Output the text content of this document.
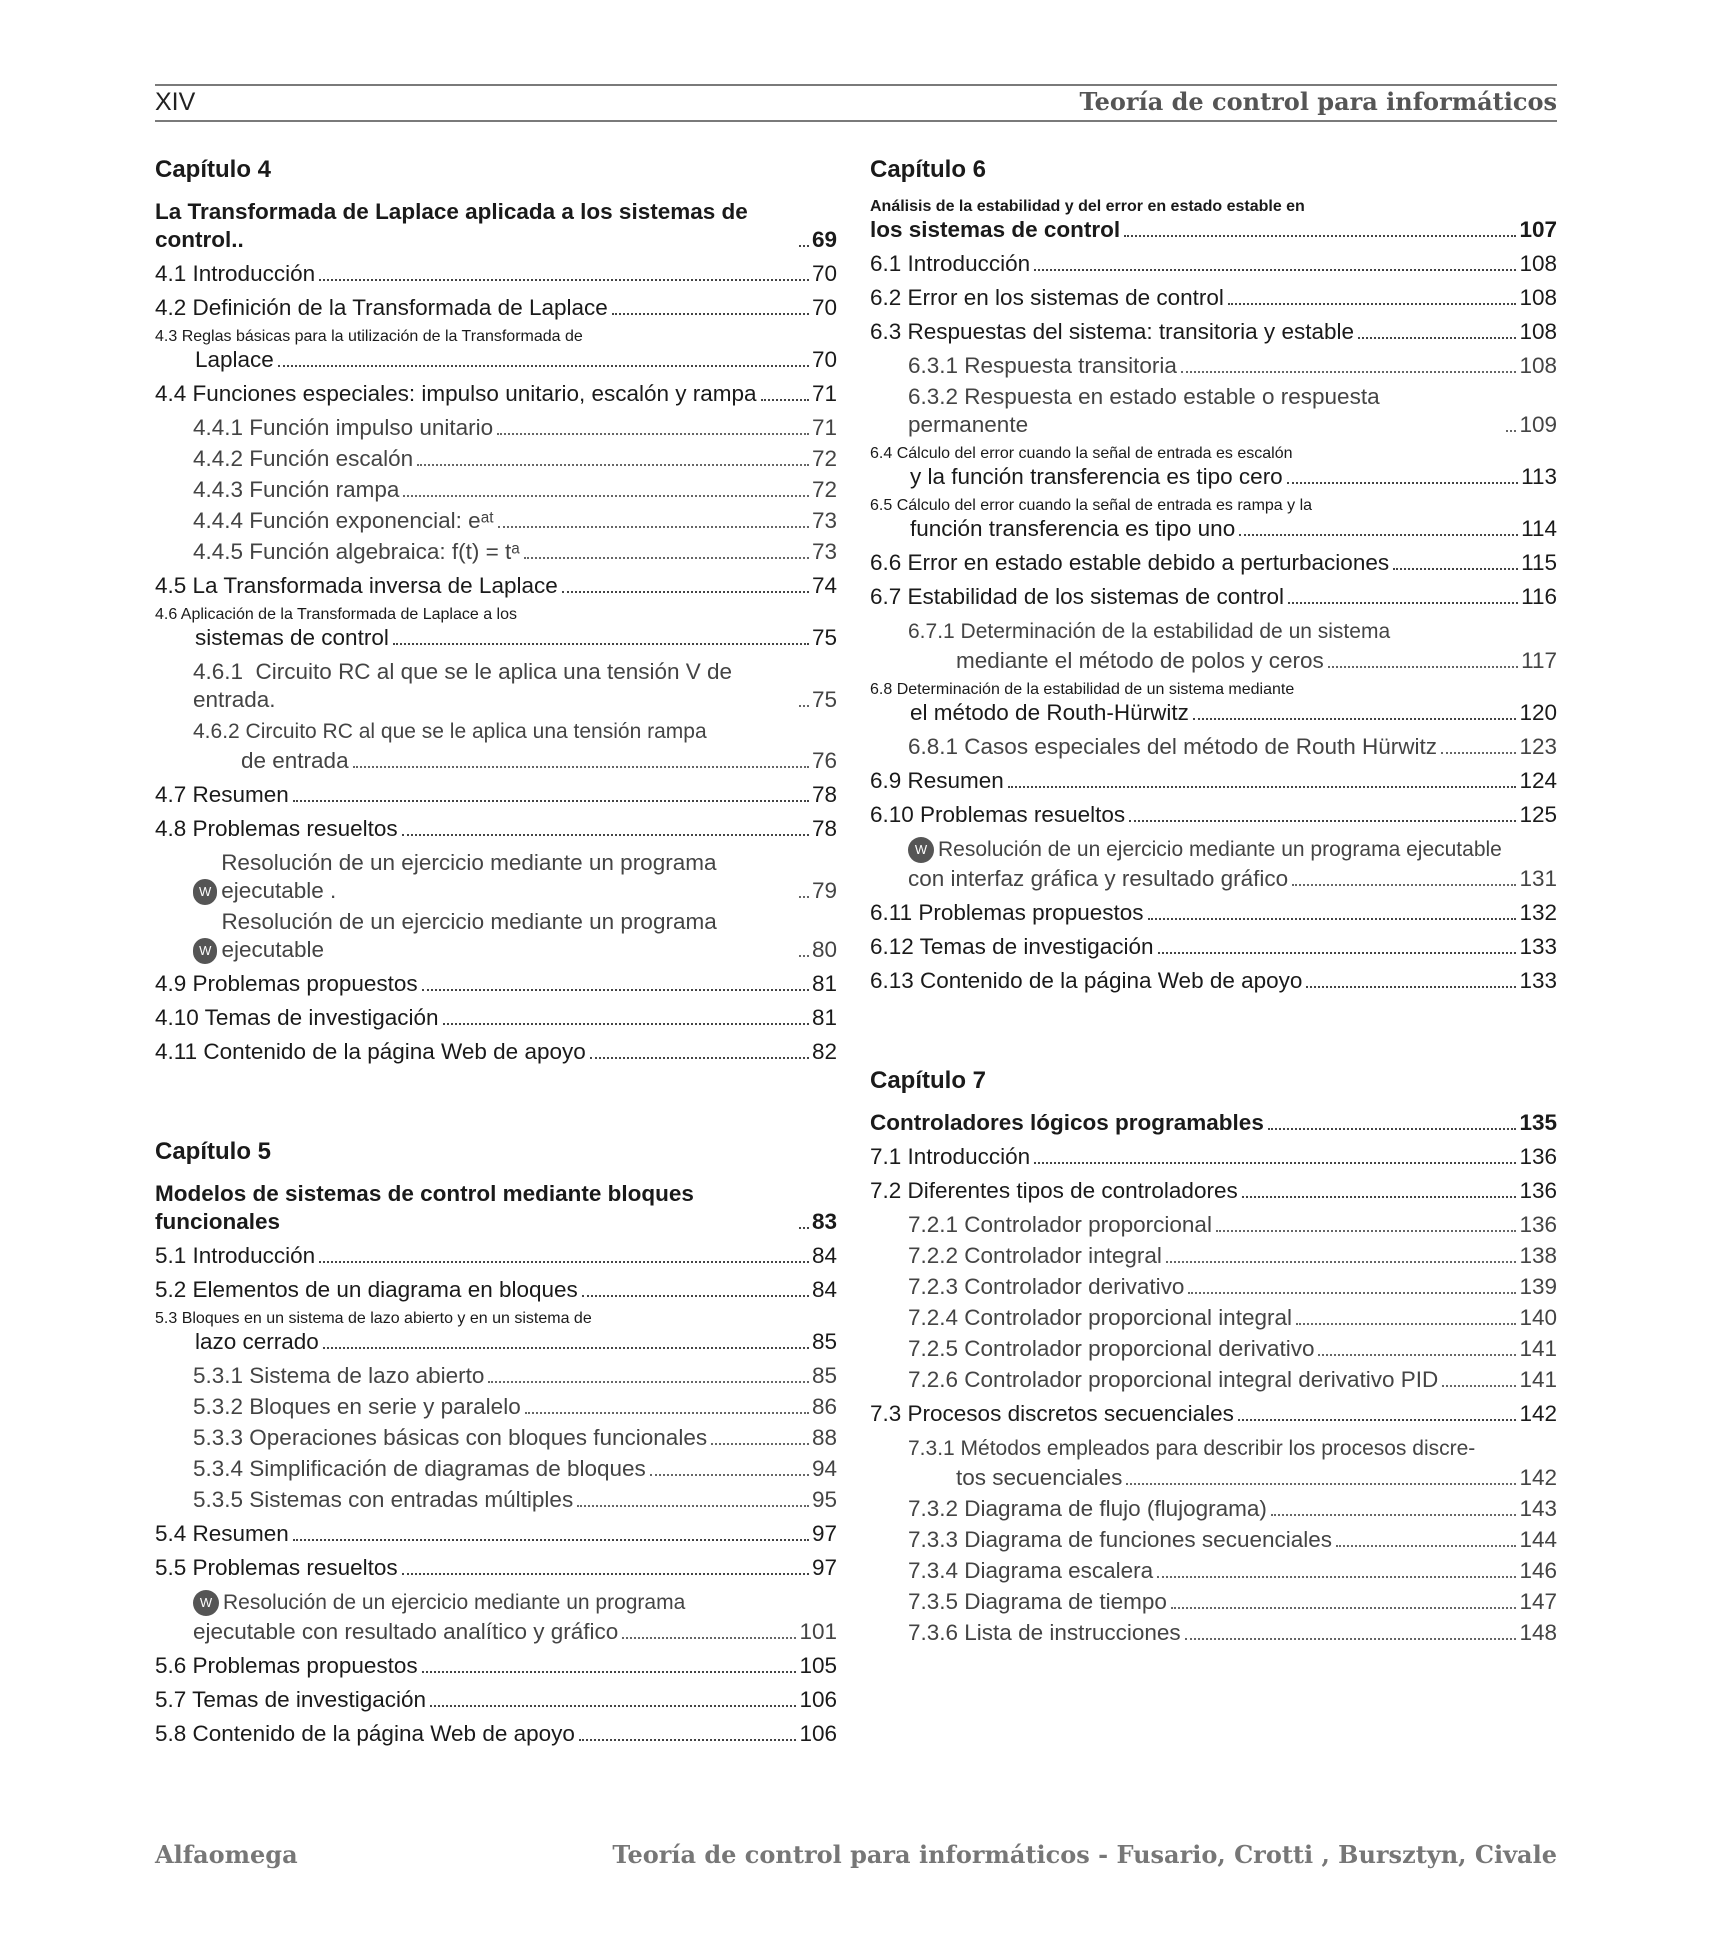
XIV	Teoría de control para informáticos
Capítulo 4
La Transformada de Laplace aplicada a los sistemas de control..	69
4.1 Introducción	70
4.2 Definición de la Transformada de Laplace	70
4.3 Reglas básicas para la utilización de la Transformada de
Laplace	70
4.4 Funciones especiales: impulso unitario, escalón y rampa 71
4.4.1 Función impulso unitario	71
4.4.2 Función escalón	72
4.4.3 Función rampa	72
4.4.4 Función exponencial: eᵃᵗ	73
4.4.5 Función algebraica: f(t) = tᵃ	73
4.5 La Transformada inversa de Laplace	74
4.6 Aplicación de la Transformada de Laplace a los
sistemas de control	75
4.6.1  Circuito RC al que se le aplica una tensión V de entrada.	75
4.6.2 Circuito RC al que se le aplica una tensión rampa
de entrada	76
4.7 Resumen	78
4.8 Problemas resueltos	78
W
Resolución de un ejercicio mediante un programa ejecutable .	79
W
Resolución de un ejercicio mediante un programa ejecutable	80
4.9 Problemas propuestos	81
4.10 Temas de investigación	81
4.11 Contenido de la página Web de apoyo	82
Capítulo 5
Modelos de sistemas de control mediante bloques funcionales	83
5.1 Introducción	84
5.2 Elementos de un diagrama en bloques	84
5.3 Bloques en un sistema de lazo abierto y en un sistema de
lazo cerrado	85
5.3.1 Sistema de lazo abierto	85
5.3.2 Bloques en serie y paralelo	86
5.3.3 Operaciones básicas con bloques funcionales	88
5.3.4 Simplificación de diagramas de bloques	94
5.3.5 Sistemas con entradas múltiples	95
5.4 Resumen	97
5.5 Problemas resueltos	97
W Resolución de un ejercicio mediante un programa
ejecutable con resultado analítico y gráfico	101
5.6 Problemas propuestos	105
5.7 Temas de investigación	106
5.8 Contenido de la página Web de apoyo	106
Capítulo 6
Análisis de la estabilidad y del error en estado estable en
los sistemas de control	107
6.1 Introducción	108
6.2 Error en los sistemas de control	108
6.3 Respuestas del sistema: transitoria y estable	108
6.3.1 Respuesta transitoria	108
6.3.2 Respuesta en estado estable o respuesta permanente	109
6.4 Cálculo del error cuando la señal de entrada es escalón
y la función transferencia es tipo cero	113
6.5 Cálculo del error cuando la señal de entrada es rampa y la
función transferencia es tipo uno	114
6.6 Error en estado estable debido a perturbaciones	115
6.7 Estabilidad de los sistemas de control	116
6.7.1 Determinación de la estabilidad de un sistema
mediante el método de polos y ceros	117
6.8 Determinación de la estabilidad de un sistema mediante
el método de Routh-Hürwitz	120
6.8.1 Casos especiales del método de Routh Hürwitz	123
6.9 Resumen	124
6.10 Problemas resueltos	125
W Resolución de un ejercicio mediante un programa ejecutable
con interfaz gráfica y resultado gráfico	131
6.11 Problemas propuestos	132
6.12 Temas de investigación	133
6.13 Contenido de la página Web de apoyo	133
Capítulo 7
Controladores lógicos programables	135
7.1 Introducción	136
7.2 Diferentes tipos de controladores	136
7.2.1 Controlador proporcional	136
7.2.2 Controlador integral	138
7.2.3 Controlador derivativo	139
7.2.4 Controlador proporcional integral	140
7.2.5 Controlador proporcional derivativo	141
7.2.6 Controlador proporcional integral derivativo PID	141
7.3 Procesos discretos secuenciales	142
7.3.1 Métodos empleados para describir los procesos discre-
tos secuenciales	142
7.3.2 Diagrama de flujo (flujograma)	143
7.3.3 Diagrama de funciones secuenciales	144
7.3.4 Diagrama escalera	146
7.3.5 Diagrama de tiempo	147
7.3.6 Lista de instrucciones	148
Alfaomega	Teoría de control para informáticos - Fusario, Crotti , Bursztyn, Civale
